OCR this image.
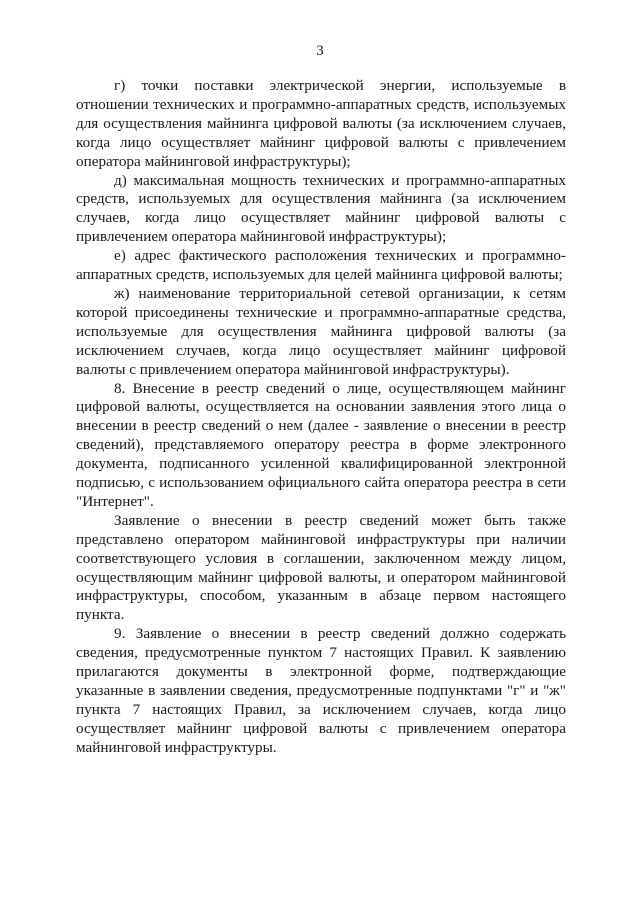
3

г) точки поставки электрической энергии, используемые в отношении технических и программно-аппаратных средств, используемых для осуществления майнинга цифровой валюты (за исключением случаев, когда лицо осуществляет майнинг цифровой валюты с привлечением оператора майнинговой инфраструктуры);

д) максимальная мощность технических и программно-аппаратных средств, используемых для осуществления майнинга (за исключением случаев, когда лицо осуществляет майнинг цифровой валюты с привлечением оператора майнинговой инфраструктуры);

е) адрес фактического расположения технических и программно-аппаратных средств, используемых для целей майнинга цифровой валюты;

ж) наименование территориальной сетевой организации, к сетям которой присоединены технические и программно-аппаратные средства, используемые для осуществления майнинга цифровой валюты (за исключением случаев, когда лицо осуществляет майнинг цифровой валюты с привлечением оператора майнинговой инфраструктуры).

8. Внесение в реестр сведений о лице, осуществляющем майнинг цифровой валюты, осуществляется на основании заявления этого лица о внесении в реестр сведений о нем (далее - заявление о внесении в реестр сведений), представляемого оператору реестра в форме электронного документа, подписанного усиленной квалифицированной электронной подписью, с использованием официального сайта оператора реестра в сети "Интернет".

Заявление о внесении в реестр сведений может быть также представлено оператором майнинговой инфраструктуры при наличии соответствующего условия в соглашении, заключенном между лицом, осуществляющим майнинг цифровой валюты, и оператором майнинговой инфраструктуры, способом, указанным в абзаце первом настоящего пункта.

9. Заявление о внесении в реестр сведений должно содержать сведения, предусмотренные пунктом 7 настоящих Правил. К заявлению прилагаются документы в электронной форме, подтверждающие указанные в заявлении сведения, предусмотренные подпунктами "г" и "ж" пункта 7 настоящих Правил, за исключением случаев, когда лицо осуществляет майнинг цифровой валюты с привлечением оператора майнинговой инфраструктуры.
